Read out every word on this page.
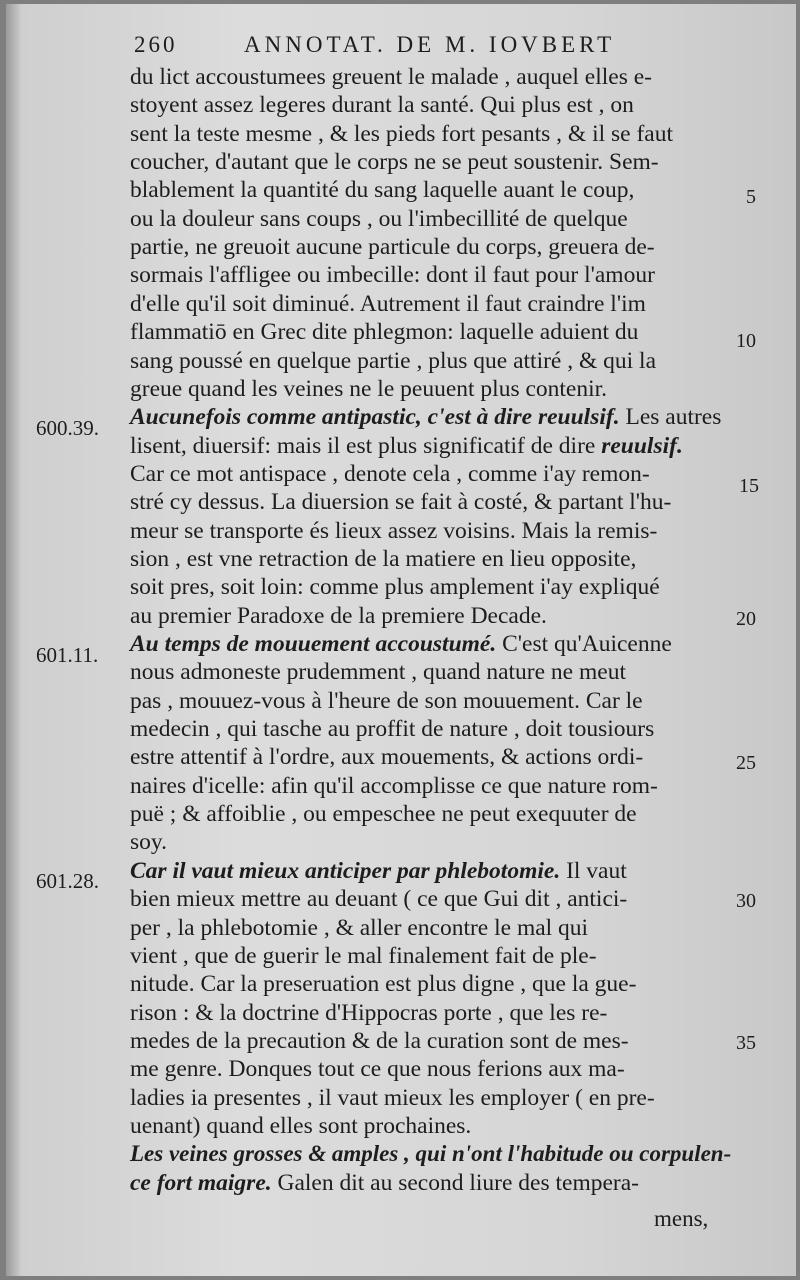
260	ANNOTAT. DE M. IOVBERT
du lict accoustumees greuent le malade , auquel elles e-
stoyent assez legeres durant la santé. Qui plus est , on
sent la teste mesme , & les pieds fort pesants , & il se faut
coucher, d'autant que le corps ne se peut soustenir. Sem-
blablement la quantité du sang laquelle auant le coup,
ou la douleur sans coups , ou l'imbecillité de quelque
partie, ne greuoit aucune particule du corps, greuera de-
sormais l'affligee ou imbecille: dont il faut pour l'amour
d'elle qu'il soit diminué. Autrement il faut craindre l'im
flammatiō en Grec dite phlegmon: laquelle aduient du
sang poussé en quelque partie , plus que attiré , & qui la
greue quand les veines ne le peuuent plus contenir.
Aucunefois comme antipastic, c'est à dire reuulsif. Les autres
lisent, diuersif: mais il est plus significatif de dire reuulsif.
Car ce mot antispace , denote cela , comme i'ay remon-
stré cy dessus. La diuersion se fait à costé, & partant l'hu-
meur se transporte és lieux assez voisins. Mais la remis-
sion , est vne retraction de la matiere en lieu opposite,
soit pres, soit loin: comme plus amplement i'ay expliqué
au premier Paradoxe de la premiere Decade.
Au temps de mouuement accoustumé. C'est qu'Auicenne
nous admoneste prudemment , quand nature ne meut
pas , mouuez-vous à l'heure de son mouuement. Car le
medecin , qui tasche au proffit de nature , doit tousiours
estre attentif à l'ordre, aux mouements, & actions ordi-
naires d'icelle: afin qu'il accomplisse ce que nature rom-
puë ; & affoiblie , ou empeschee ne peut exequuter de
soy.
Car il vaut mieux anticiper par phlebotomie. Il vaut
bien mieux mettre au deuant ( ce que Gui dit , antici-
per , la phlebotomie , & aller encontre le mal qui
vient , que de guerir le mal finalement fait de ple-
nitude. Car la preseruation est plus digne , que la gue-
rison : & la doctrine d'Hippocras porte , que les re-
medes de la precaution & de la curation sont de mes-
me genre. Donques tout ce que nous ferions aux ma-
ladies ia presentes , il vaut mieux les employer ( en pre-
uenant) quand elles sont prochaines.
Les veines grosses & amples , qui n'ont l'habitude ou corpulen-
ce fort maigre. Galen dit au second liure des tempera-
600.39.
601.11.
601.28.
5
10
15
20
25
30
35
mens,
